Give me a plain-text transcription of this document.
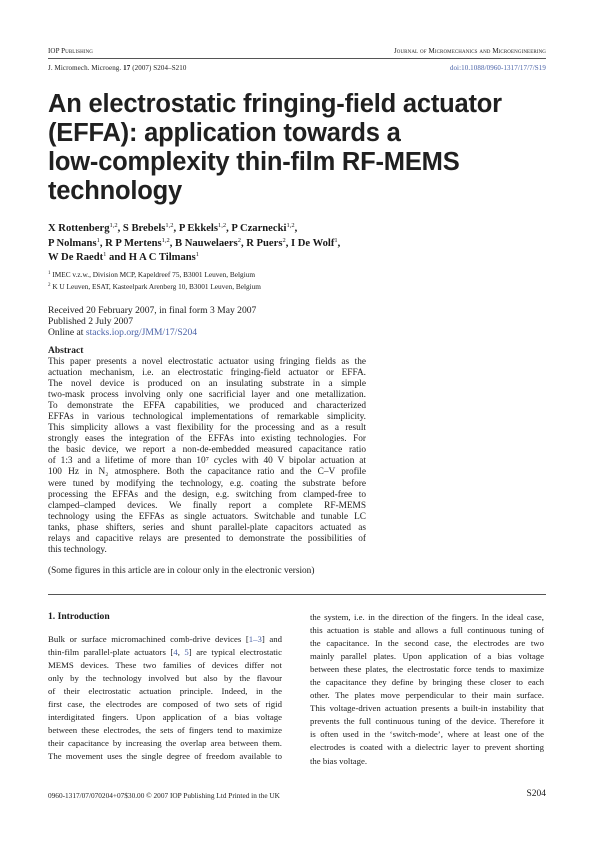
IOP Publishing	Journal of Micromechanics and Microengineering
J. Micromech. Microeng. 17 (2007) S204–S210	doi:10.1088/0960-1317/17/7/S19
An electrostatic fringing-field actuator
(EFFA): application towards a
low-complexity thin-film RF-MEMS
technology
X Rottenberg$^{1,2}$, S Brebels$^{1,2}$, P Ekkels$^{1,2}$, P Czarnecki$^{1,2}$,
P Nolmans$^1$, R P Mertens$^{1,2}$, B Nauwelaers$^2$, R Puers$^2$, I De Wolf$^1$,
W De Raedt$^1$ and H A C Tilmans$^1$
$^1$ IMEC v.z.w., Division MCP, Kapeldreef 75, B3001 Leuven, Belgium
$^2$ K U Leuven, ESAT, Kasteelpark Arenberg 10, B3001 Leuven, Belgium
Received 20 February 2007, in final form 3 May 2007
Published 2 July 2007
Online at stacks.iop.org/JMM/17/S204
Abstract
This paper presents a novel electrostatic actuator using fringing fields as the
actuation mechanism, i.e. an electrostatic fringing-field actuator or EFFA.
The novel device is produced on an insulating substrate in a simple
two-mask process involving only one sacrificial layer and one metallization.
To demonstrate the EFFA capabilities, we produced and characterized
EFFAs in various technological implementations of remarkable simplicity.
This simplicity allows a vast flexibility for the processing and as a result
strongly eases the integration of the EFFAs into existing technologies. For
the basic device, we report a non-de-embedded measured capacitance ratio
of 1:3 and a lifetime of more than 10⁷ cycles with 40 V bipolar actuation at
100 Hz in N₂ atmosphere. Both the capacitance ratio and the C–V profile
were tuned by modifying the technology, e.g. coating the substrate before
processing the EFFAs and the design, e.g. switching from clamped-free to
clamped–clamped devices. We finally report a complete RF-MEMS
technology using the EFFAs as single actuators. Switchable and tunable LC
tanks, phase shifters, series and shunt parallel-plate capacitors actuated as
relays and capacitive relays are presented to demonstrate the possibilities of
this technology.
(Some figures in this article are in colour only in the electronic version)
1. Introduction
Bulk or surface micromachined comb-drive devices [1–3] and
thin-film parallel-plate actuators [4, 5] are typical electrostatic
MEMS devices. These two families of devices differ not
only by the technology involved but also by the flavour
of their electrostatic actuation principle. Indeed, in the
first case, the electrodes are composed of two sets of rigid
interdigitated fingers. Upon application of a bias voltage
between these electrodes, the sets of fingers tend to maximize
their capacitance by increasing the overlap area between them.
The movement uses the single degree of freedom available to
the system, i.e. in the direction of the fingers. In the ideal case,
this actuation is stable and allows a full continuous tuning of
the capacitance. In the second case, the electrodes are two
mainly parallel plates. Upon application of a bias voltage
between these plates, the electrostatic force tends to maximize
the capacitance they define by bringing these closer to each
other. The plates move perpendicular to their main surface.
This voltage-driven actuation presents a built-in instability that
prevents the full continuous tuning of the device. Therefore it
is often used in the ‘switch-mode’, where at least one of the
electrodes is coated with a dielectric layer to prevent shorting
the bias voltage.
0960-1317/07/070204+07$30.00 © 2007 IOP Publishing Ltd Printed in the UK	S204
